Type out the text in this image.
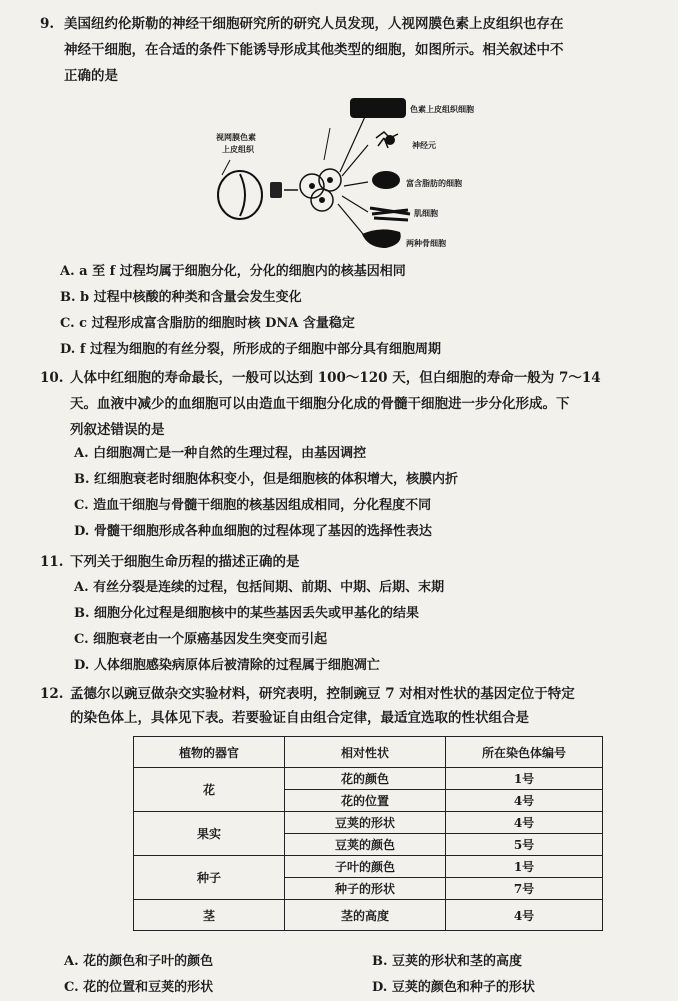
9. 美国纽约伦斯勒的神经干细胞研究所的研究人员发现，人视网膜色素上皮组织也存在
神经干细胞，在合适的条件下能诱导形成其他类型的细胞，如图所示。相关叙述中不
正确的是
视网膜色素
上皮组织
色素上皮组织细胞
神经元
富含脂肪的细胞
肌细胞
两种骨细胞
A. a 至 f 过程均属于细胞分化，分化的细胞内的核基因相同
B. b 过程中核酸的种类和含量会发生变化
C. c 过程形成富含脂肪的细胞时核 DNA 含量稳定
D. f 过程为细胞的有丝分裂，所形成的子细胞中部分具有细胞周期
10. 人体中红细胞的寿命最长，一般可以达到 100～120 天，但白细胞的寿命一般为 7～14
天。血液中减少的血细胞可以由造血干细胞分化成的骨髓干细胞进一步分化形成。下
列叙述错误的是
A. 白细胞凋亡是一种自然的生理过程，由基因调控
B. 红细胞衰老时细胞体积变小，但是细胞核的体积增大，核膜内折
C. 造血干细胞与骨髓干细胞的核基因组成相同，分化程度不同
D. 骨髓干细胞形成各种血细胞的过程体现了基因的选择性表达
11. 下列关于细胞生命历程的描述正确的是
A. 有丝分裂是连续的过程，包括间期、前期、中期、后期、末期
B. 细胞分化过程是细胞核中的某些基因丢失或甲基化的结果
C. 细胞衰老由一个原癌基因发生突变而引起
D. 人体细胞感染病原体后被清除的过程属于细胞凋亡
12. 孟德尔以豌豆做杂交实验材料，研究表明，控制豌豆 7 对相对性状的基因定位于特定
的染色体上，具体见下表。若要验证自由组合定律，最适宜选取的性状组合是
植物的器官	相对性状	所在染色体编号
花	花的颜色	1号
	花的位置	4号
果实	豆荚的形状	4号
	豆荚的颜色	5号
种子	子叶的颜色	1号
	种子的形状	7号
茎	茎的高度	4号
A. 花的颜色和子叶的颜色	B. 豆荚的形状和茎的高度
C. 花的位置和豆荚的形状	D. 豆荚的颜色和种子的形状
